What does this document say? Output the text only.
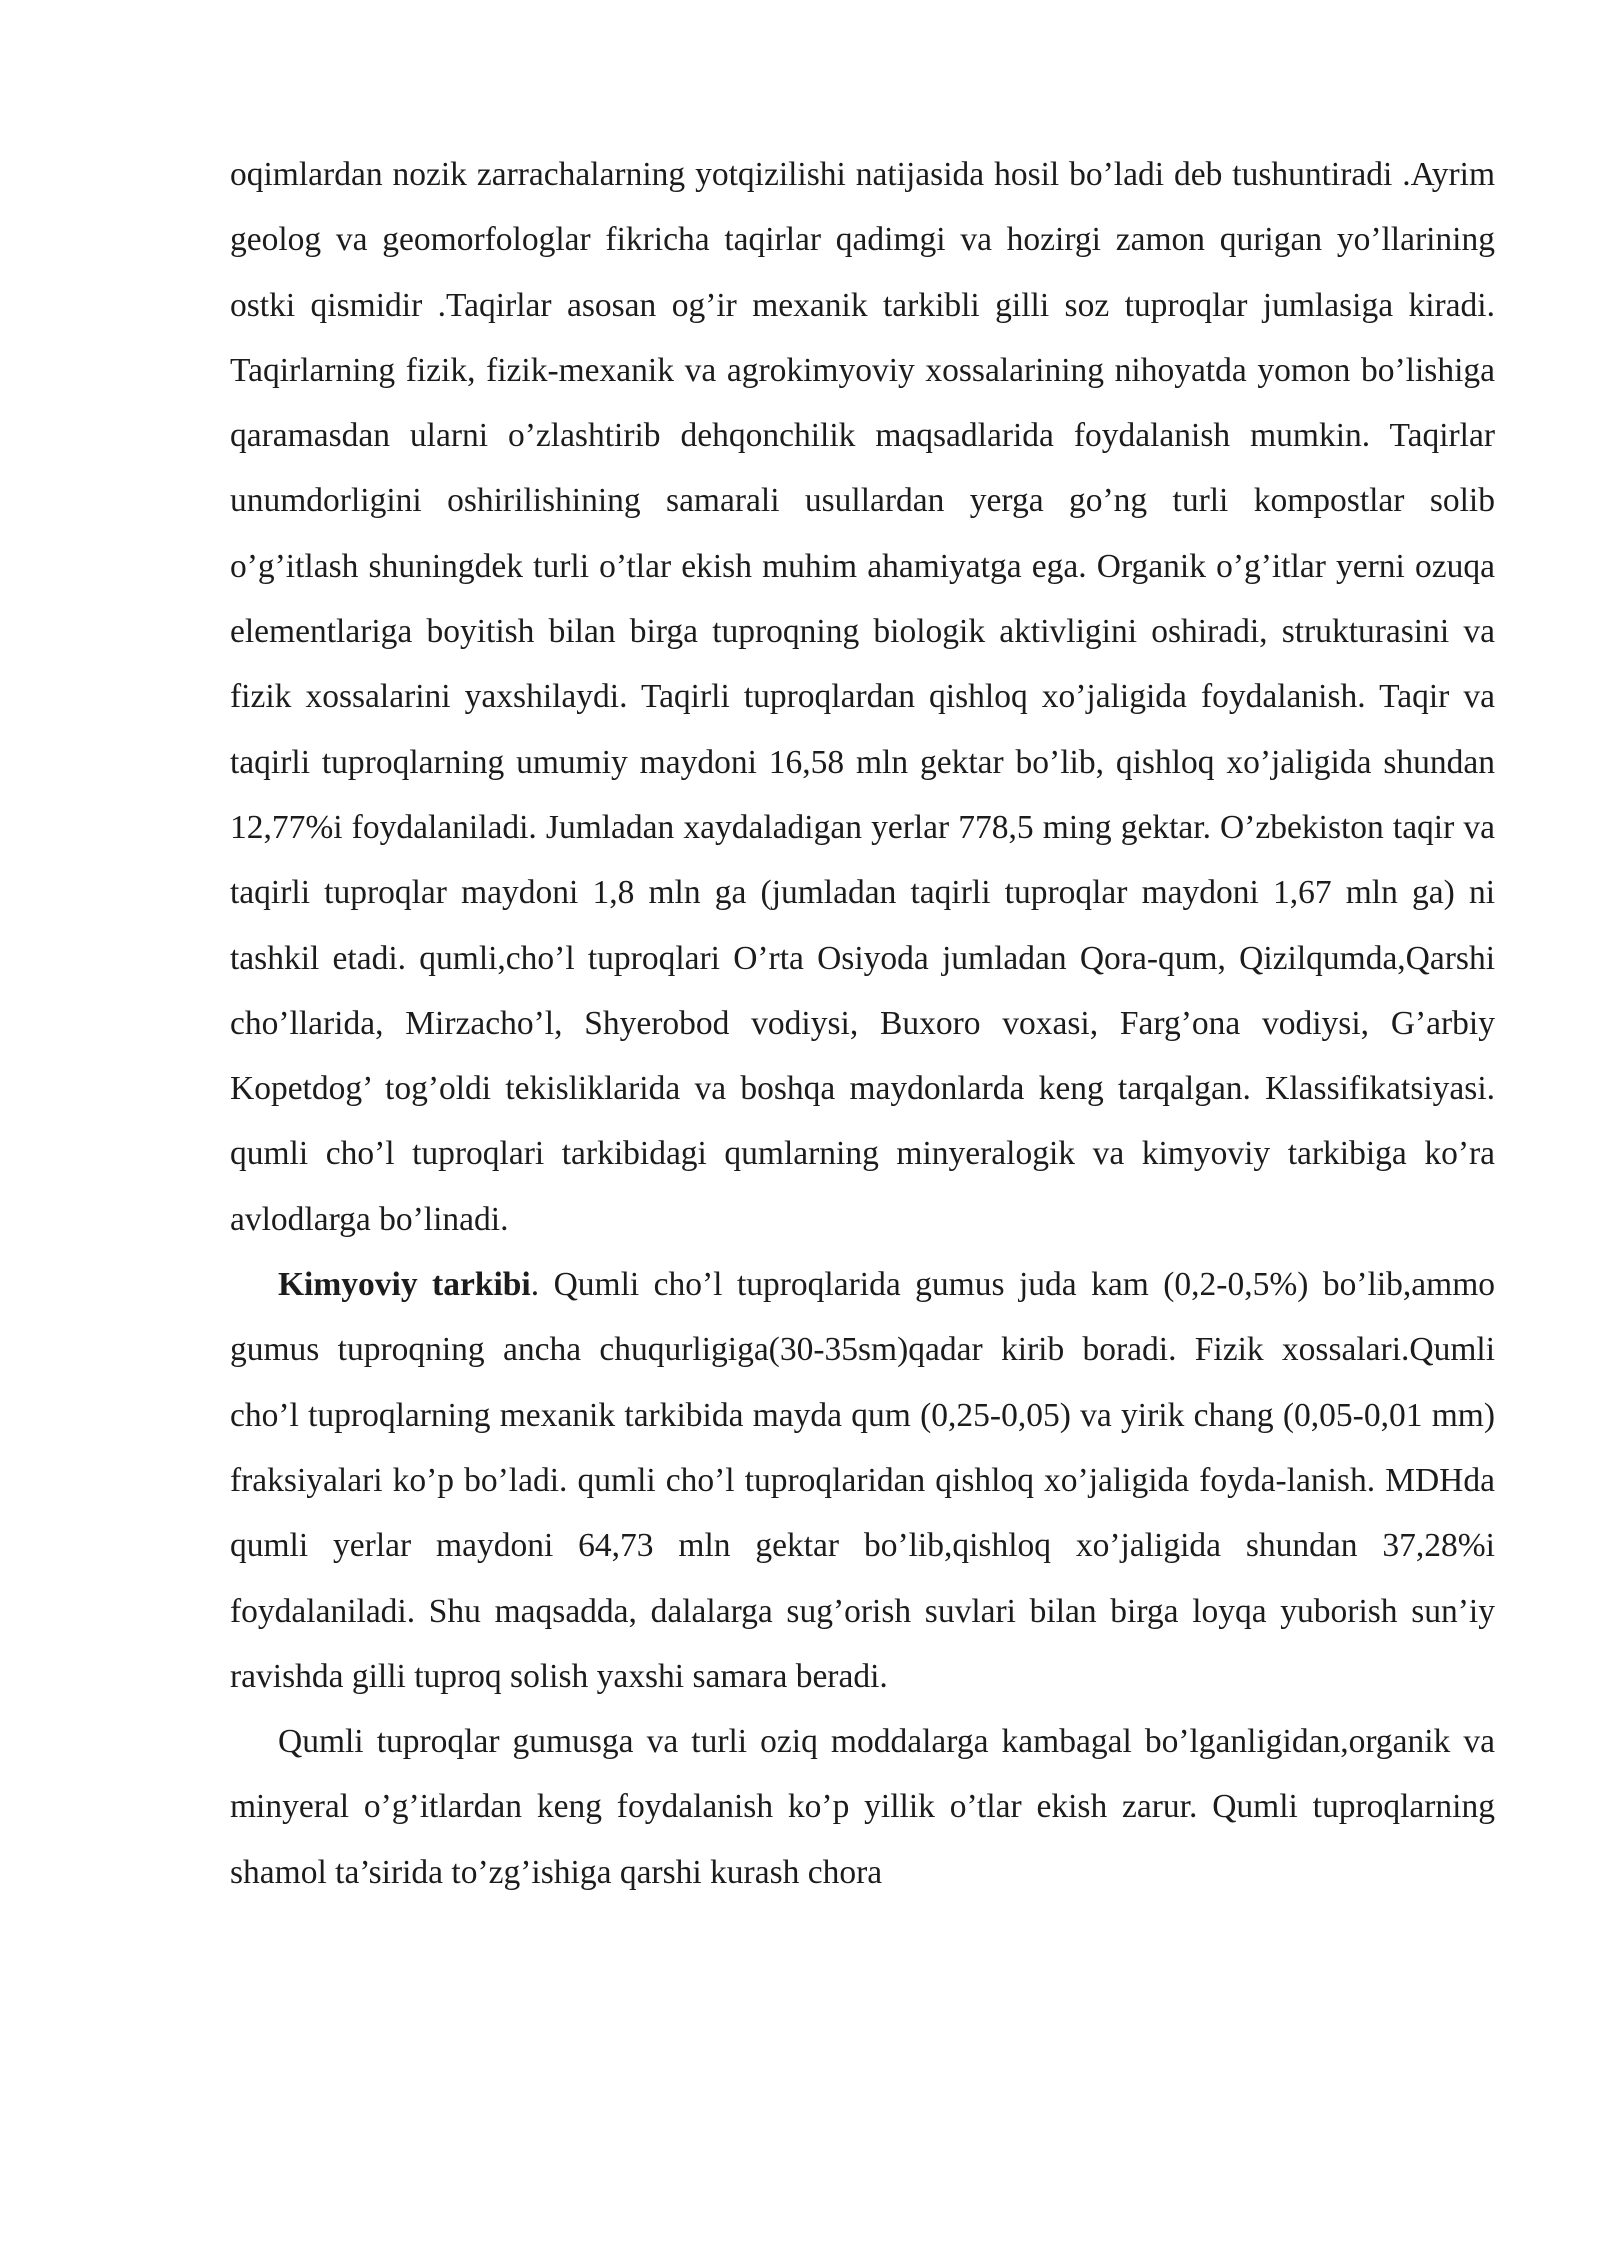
oqimlardan nozik zarrachalarning yotqizilishi natijasida hosil bo’ladi deb tushuntiradi .Ayrim geolog va geomorfologlar fikricha taqirlar qadimgi va hozirgi zamon qurigan yo’llarining ostki qismidir .Taqirlar asosan og’ir mexanik tarkibli gilli soz tuproqlar jumlasiga kiradi. Taqirlarning fizik, fizik-mexanik va agrokimyoviy xossalarining nihoyatda yomon bo’lishiga qaramasdan ularni o’zlashtirib dehqonchilik maqsadlarida foydalanish mumkin. Taqirlar unumdorligini oshirilishining samarali usullardan yerga go’ng turli kompostlar solib o’g’itlash shuningdek turli o’tlar ekish muhim ahamiyatga ega. Organik o’g’itlar yerni ozuqa elementlariga boyitish bilan birga tuproqning biologik aktivligini oshiradi, strukturasini va fizik xossalarini yaxshilaydi. Taqirli tuproqlardan qishloq xo’jaligida foydalanish. Taqir va taqirli tuproqlarning umumiy maydoni 16,58 mln gektar bo’lib, qishloq xo’jaligida shundan 12,77%i foydalaniladi. Jumladan xaydaladigan yerlar 778,5 ming gektar. O’zbekiston taqir va taqirli tuproqlar maydoni 1,8 mln ga (jumladan taqirli tuproqlar maydoni 1,67 mln ga) ni tashkil etadi. qumli,cho’l tuproqlari O’rta Osiyoda jumladan Qora-qum, Qizilqumda,Qarshi cho’llarida, Mirzacho’l, Shyerobod vodiysi, Buxoro voxasi, Farg’ona vodiysi, G’arbiy Kopetdog’ tog’oldi tekisliklarida va boshqa maydonlarda keng tarqalgan. Klassifikatsiyasi. qumli cho’l tuproqlari tarkibidagi qumlarning minyeralogik va kimyoviy tarkibiga ko’ra avlodlarga bo’linadi.

Kimyoviy tarkibi. Qumli cho’l tuproqlarida gumus juda kam (0,2-0,5%) bo’lib,ammo gumus tuproqning ancha chuqurligiga(30-35sm)qadar kirib boradi. Fizik xossalari.Qumli cho’l tuproqlarning mexanik tarkibida mayda qum (0,25-0,05) va yirik chang (0,05-0,01 mm) fraksiyalari ko’p bo’ladi. qumli cho’l tuproqlaridan qishloq xo’jaligida foyda-lanish. MDHda qumli yerlar maydoni 64,73 mln gektar bo’lib,qishloq xo’jaligida shundan 37,28%i foydalaniladi. Shu maqsadda, dalalarga sug’orish suvlari bilan birga loyqa yuborish sun’iy ravishda gilli tuproq solish yaxshi samara beradi.

Qumli tuproqlar gumusga va turli oziq moddalarga kambagal bo’lganligidan,organik va minyeral o’g’itlardan keng foydalanish ko’p yillik o’tlar ekish zarur. Qumli tuproqlarning shamol ta’sirida to’zg’ishiga qarshi kurash chora
